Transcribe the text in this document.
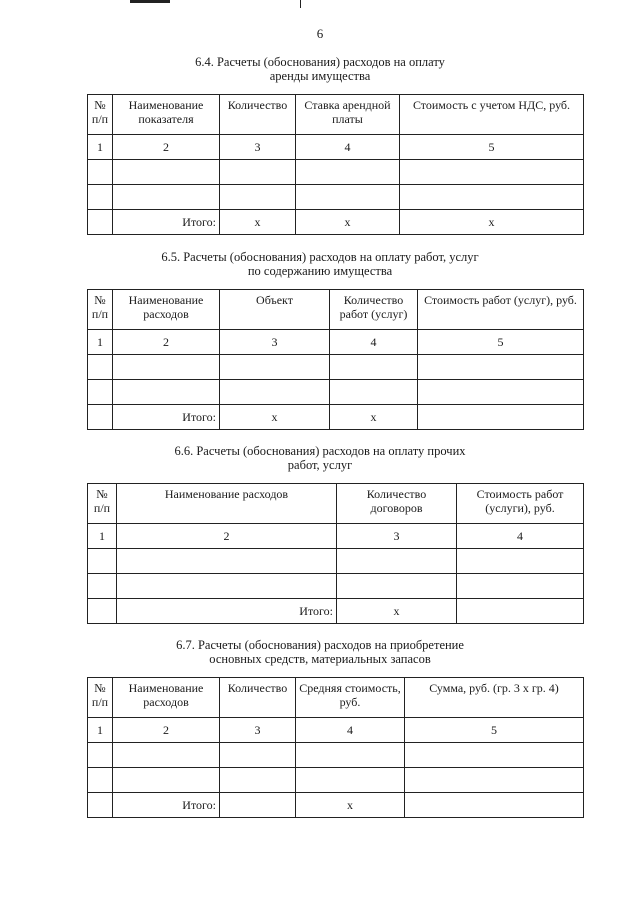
6
6.4. Расчеты (обоснования) расходов на оплату
аренды имущества
№ п/п	Наименование показателя	Количество	Ставка арендной платы	Стоимость с учетом НДС, руб.
1	2	3	4	5

	Итого:	x	x	x
6.5. Расчеты (обоснования) расходов на оплату работ, услуг
по содержанию имущества
№ п/п	Наименование расходов	Объект	Количество работ (услуг)	Стоимость работ (услуг), руб.
1	2	3	4	5

	Итого:	x	x	
6.6. Расчеты (обоснования) расходов на оплату прочих
работ, услуг
№ п/п	Наименование расходов	Количество договоров	Стоимость работ (услуги), руб.
1	2	3	4

	Итого:	x	
6.7. Расчеты (обоснования) расходов на приобретение
основных средств, материальных запасов
№ п/п	Наименование расходов	Количество	Средняя стоимость, руб.	Сумма, руб. (гр. 3 x гр. 4)
1	2	3	4	5

	Итого:		x	
